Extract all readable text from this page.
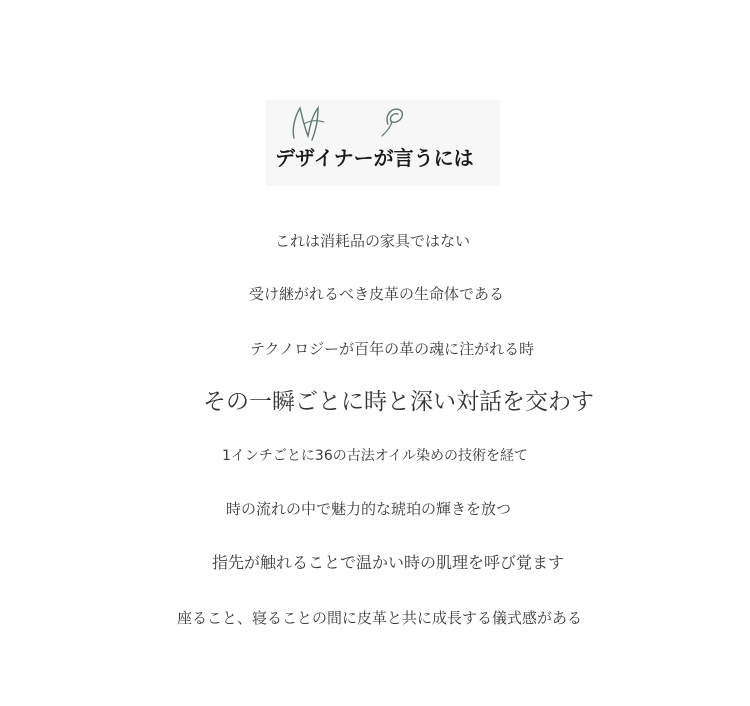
デザイナーが言うには

これは消耗品の家具ではない

受け継がれるべき皮革の生命体である

テクノロジーが百年の革の魂に注がれる時

その一瞬ごとに時と深い対話を交わす

1インチごとに36の古法オイル染めの技術を経て

時の流れの中で魅力的な琥珀の輝きを放つ

指先が触れることで温かい時の肌理を呼び覚ます

座ること、寝ることの間に皮革と共に成長する儀式感がある
